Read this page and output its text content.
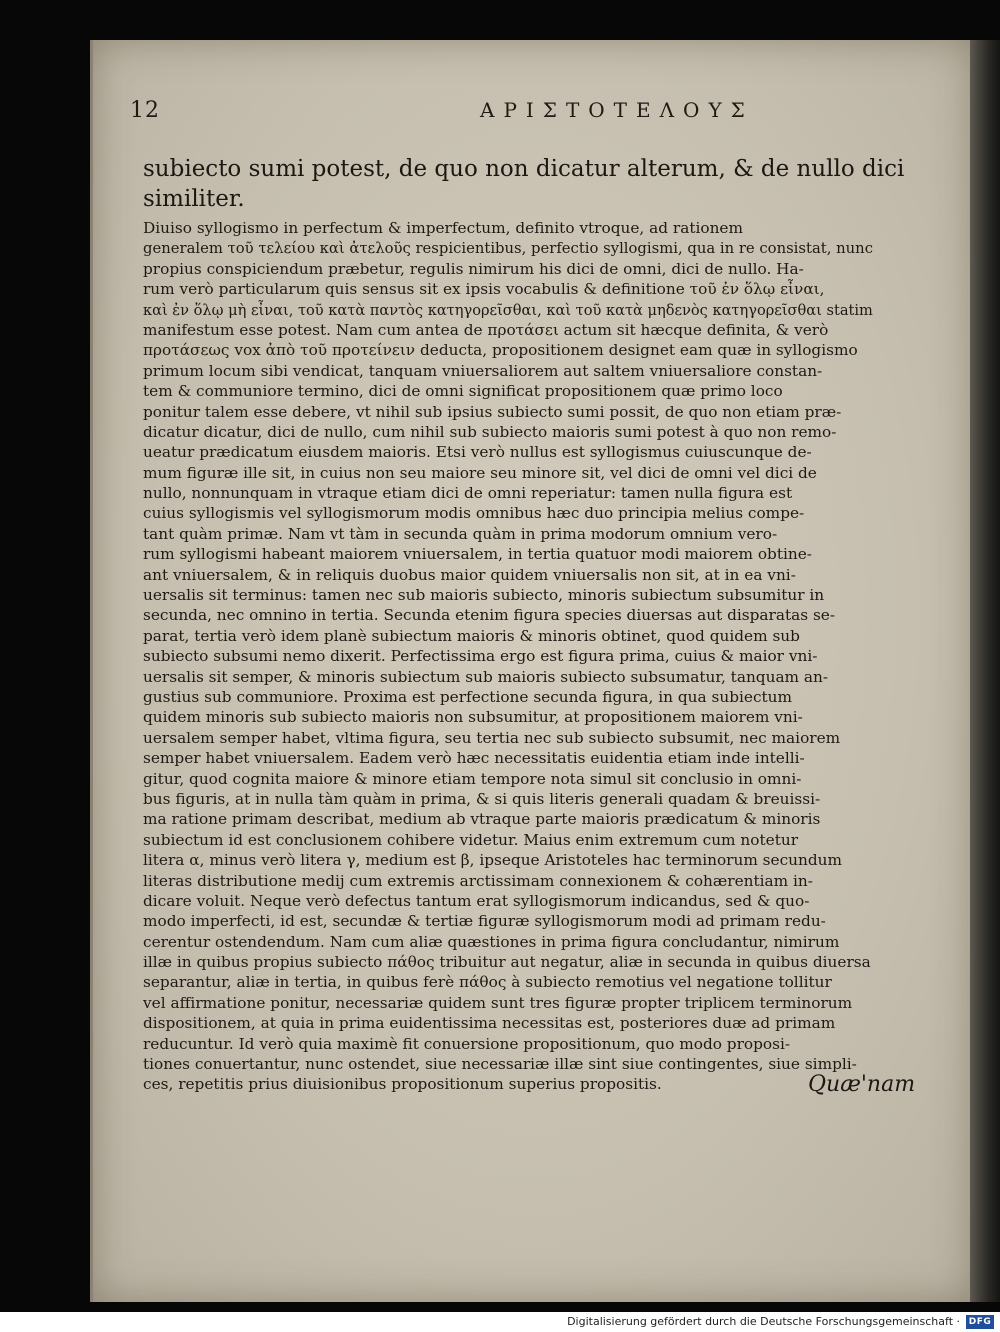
12	ΑΡΙΣΤΟΤΕΛΟΥΣ
subiecto sumi potest, de quo non dicatur alterum, & de nullo dici similiter.
Diuiso syllogismo in perfectum & imperfectum, definito vtroque, ad rationem
generalem τοῦ τελείου καὶ ἀτελοῦς respicientibus, perfectio syllogismi, qua in re consistat, nunc
propius conspiciendum præbetur, regulis nimirum his dici de omni, dici de nullo. Ha-
rum verò particularum quis sensus sit ex ipsis vocabulis & definitione τοῦ ἐν ὅλῳ εἶναι,
καὶ ἐν ὅλῳ μὴ εἶναι, τοῦ κατὰ παντὸς κατηγορεῖσθαι, καὶ τοῦ κατὰ μηδενὸς κατηγορεῖσθαι statim
manifestum esse potest. Nam cum antea de προτάσει actum sit hæcque definita, & verò
προτάσεως vox ἀπὸ τοῦ προτείνειν deducta, propositionem designet eam quæ in syllogismo
primum locum sibi vendicat, tanquam vniuersaliorem aut saltem vniuersaliore constan-
tem & communiore termino, dici de omni significat propositionem quæ primo loco
ponitur talem esse debere, vt nihil sub ipsius subiecto sumi possit, de quo non etiam præ-
dicatur dicatur, dici de nullo, cum nihil sub subiecto maioris sumi potest à quo non remo-
ueatur prædicatum eiusdem maioris. Etsi verò nullus est syllogismus cuiuscunque de-
mum figuræ ille sit, in cuius non seu maiore seu minore sit, vel dici de omni vel dici de
nullo, nonnunquam in vtraque etiam dici de omni reperiatur: tamen nulla figura est
cuius syllogismis vel syllogismorum modis omnibus hæc duo principia melius compe-
tant quàm primæ. Nam vt tàm in secunda quàm in prima modorum omnium vero-
rum syllogismi habeant maiorem vniuersalem, in tertia quatuor modi maiorem obtine-
ant vniuersalem, & in reliquis duobus maior quidem vniuersalis non sit, at in ea vni-
uersalis sit terminus: tamen nec sub maioris subiecto, minoris subiectum subsumitur in
secunda, nec omnino in tertia. Secunda etenim figura species diuersas aut disparatas se-
parat, tertia verò idem planè subiectum maioris & minoris obtinet, quod quidem sub
subiecto subsumi nemo dixerit. Perfectissima ergo est figura prima, cuius & maior vni-
uersalis sit semper, & minoris subiectum sub maioris subiecto subsumatur, tanquam an-
gustius sub communiore. Proxima est perfectione secunda figura, in qua subiectum
quidem minoris sub subiecto maioris non subsumitur, at propositionem maiorem vni-
uersalem semper habet, vltima figura, seu tertia nec sub subiecto subsumit, nec maiorem
semper habet vniuersalem. Eadem verò hæc necessitatis euidentia etiam inde intelli-
gitur, quod cognita maiore & minore etiam tempore nota simul sit conclusio in omni-
bus figuris, at in nulla tàm quàm in prima, & si quis literis generali quadam & breuissi-
ma ratione primam describat, medium ab vtraque parte maioris prædicatum & minoris
subiectum id est conclusionem cohibere videtur. Maius enim extremum cum notetur
litera α, minus verò litera γ, medium est β, ipseque Aristoteles hac terminorum secundum
literas distributione medij cum extremis arctissimam connexionem & cohærentiam in-
dicare voluit. Neque verò defectus tantum erat syllogismorum indicandus, sed & quo-
modo imperfecti, id est, secundæ & tertiæ figuræ syllogismorum modi ad primam redu-
cerentur ostendendum. Nam cum aliæ quæstiones in prima figura concludantur, nimirum
illæ in quibus propius subiecto πάθος tribuitur aut negatur, aliæ in secunda in quibus diuersa
separantur, aliæ in tertia, in quibus ferè πάθος à subiecto remotius vel negatione tollitur
vel affirmatione ponitur, necessariæ quidem sunt tres figuræ propter triplicem terminorum
dispositionem, at quia in prima euidentissima necessitas est, posteriores duæ ad primam
reducuntur. Id verò quia maximè fit conuersione propositionum, quo modo proposi-
tiones conuertantur, nunc ostendet, siue necessariæ illæ sint siue contingentes, siue simpli-
ces, repetitis prius diuisionibus propositionum superius propositis.	Quæ'nam
Digitalisierung gefördert durch die Deutsche Forschungsgemeinschaft · DFG
